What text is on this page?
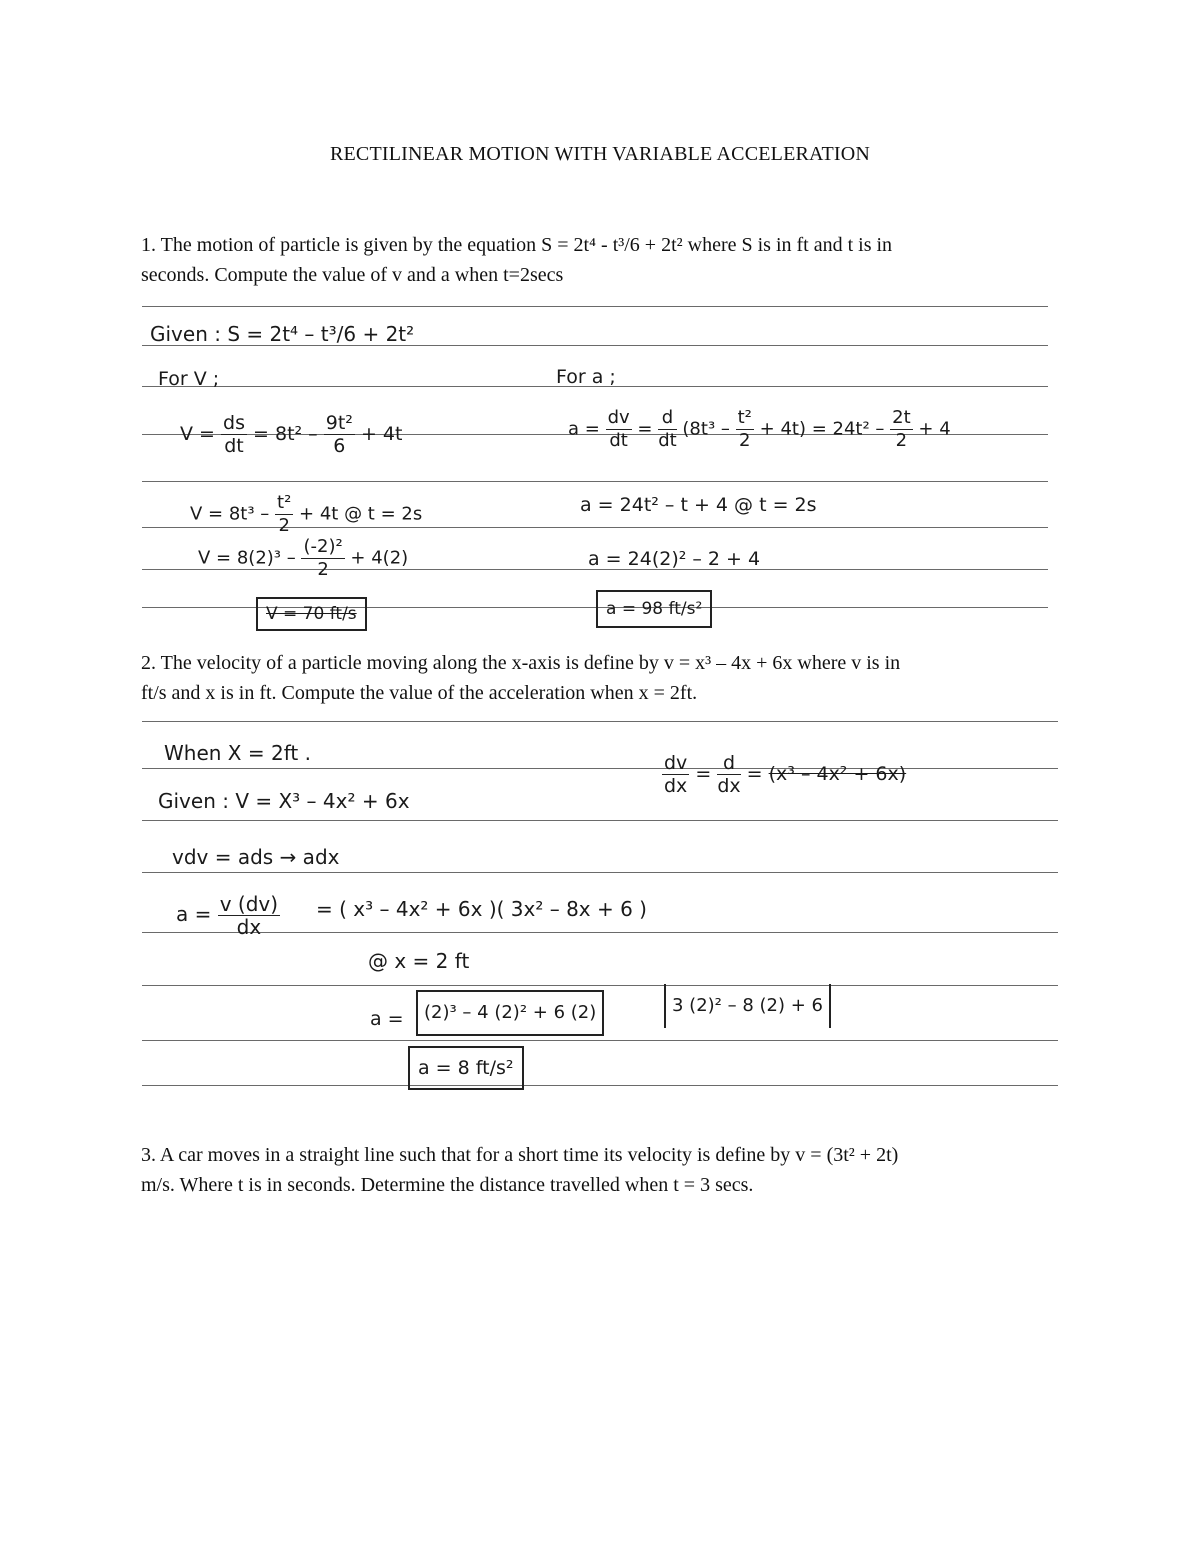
RECTILINEAR MOTION WITH VARIABLE ACCELERATION
1. The motion of particle is given by the equation S = 2t⁴ - t³/6 + 2t² where S is in ft and t is in
seconds. Compute the value of v and a when t=2secs
Given : S = 2t⁴ – t³/6 + 2t²
For V ;	For a ;
$V = \frac{ds}{dt} = 8t^2 - \frac{\text{9t²}}{6} + 4t$	$a = \frac{dv}{dt} = \frac{d}{dt} (8t^3 - \frac{\text{t²}}{2} + 4t) = 24t^2 - \frac{2t}{2} + 4$
$V = 8t^3 - \frac{\text{t²}}{2} + 4t$ @ t = 2s	a = 24t² – t + 4 @ t = 2s
$V = 8(2)^3 - \frac{\text{(-2)²}}{2} + 4(2)$	a = 24(2)² – 2 + 4
V = 70 ft/s	a = 98 ft/s²
2. The velocity of a particle moving along the x-axis is define by v = x³ – 4x + 6x where v is in
ft/s and x is in ft. Compute the value of the acceleration when x = 2ft.
When X = 2ft .	$\frac{dv}{dx} = \frac{d}{dx} = (x^3 - 4x^2 + 6x)$
Given : V = X³ – 4x² + 6x
vdv = ads → adx
$a = \frac{v (dv)}{dx}$ = ( x³ – 4x² + 6x )( 3x² – 8x + 6 )
@ x = 2 ft
a =	(2)³ – 4 (2)² + 6 (2)	3 (2)² – 8 (2) + 6
a = 8 ft/s²
3. A car moves in a straight line such that for a short time its velocity is define by v = (3t² + 2t)
m/s. Where t is in seconds. Determine the distance travelled when t = 3 secs.
